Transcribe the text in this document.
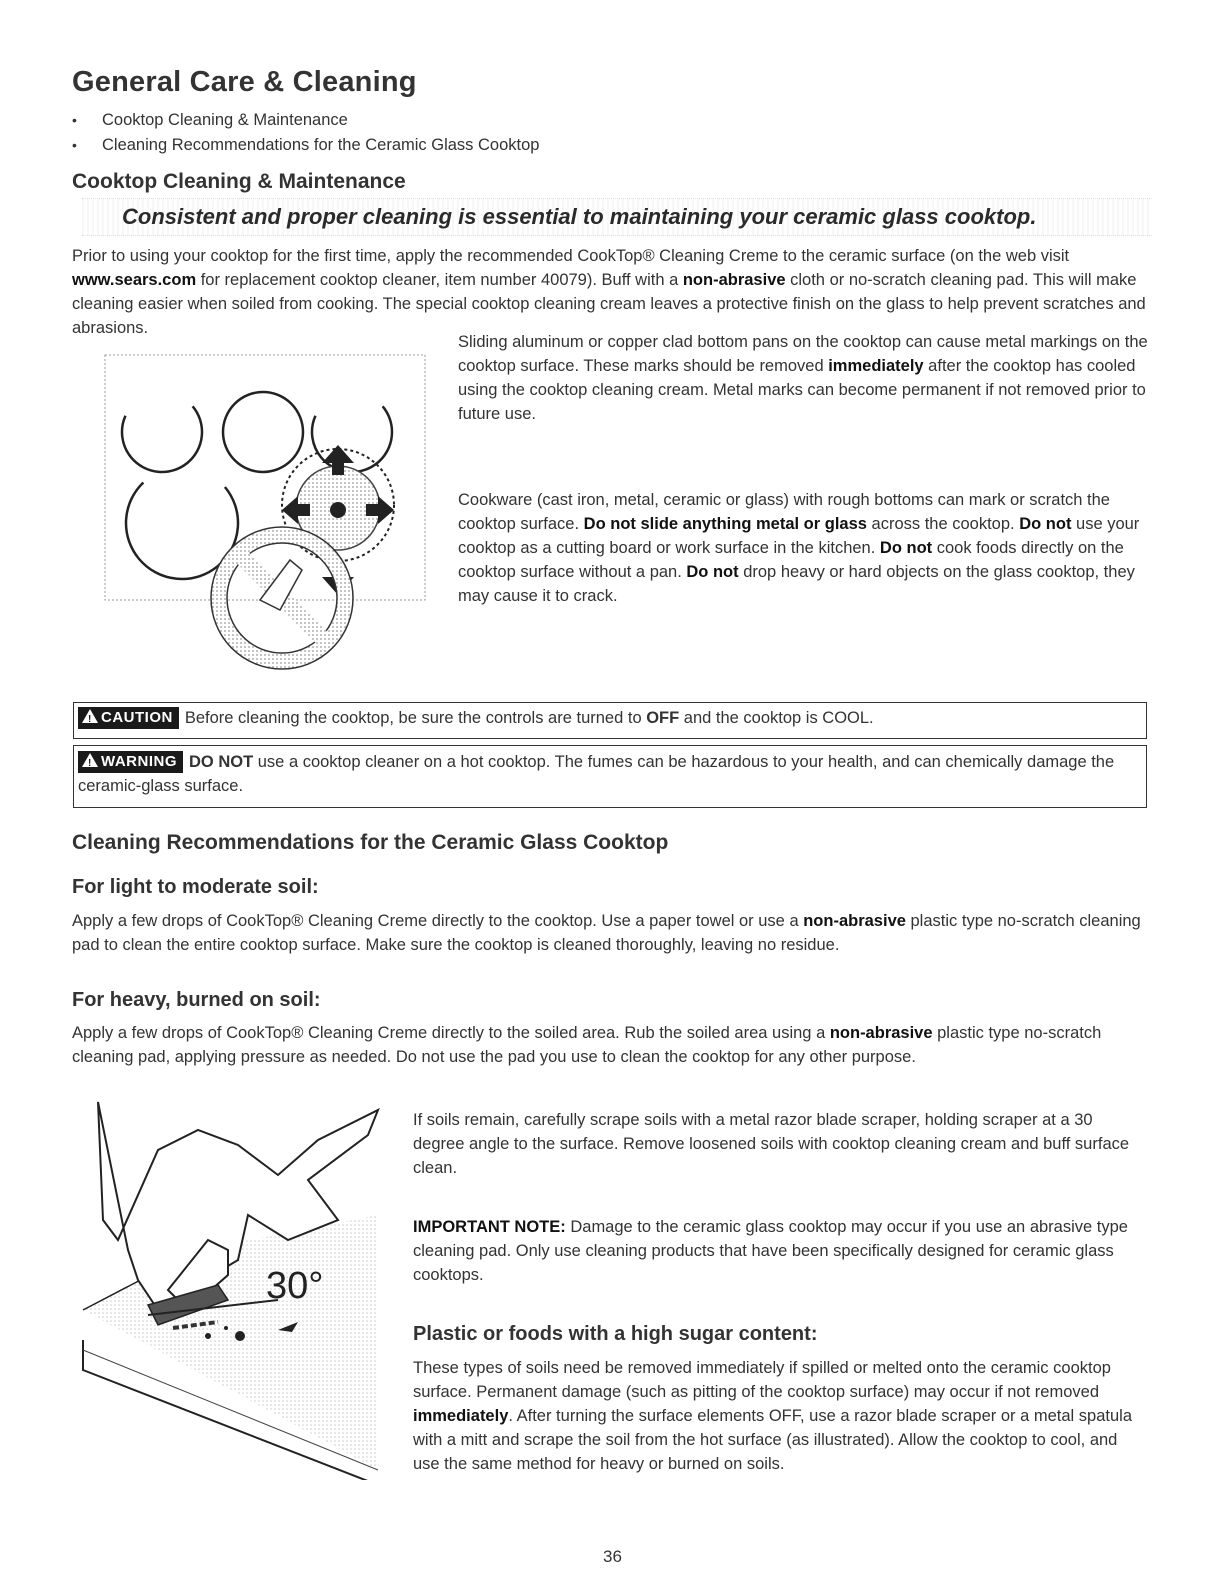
General Care & Cleaning
• Cooktop Cleaning & Maintenance
• Cleaning Recommendations for the Ceramic Glass Cooktop
Cooktop Cleaning & Maintenance
Consistent and proper cleaning is essential to maintaining your ceramic glass cooktop.
Prior to using your cooktop for the first time, apply the recommended CookTop® Cleaning Creme to the ceramic surface (on the web visit www.sears.com for replacement cooktop cleaner, item number 40079). Buff with a non-abrasive cloth or no-scratch cleaning pad. This will make cleaning easier when soiled from cooking. The special cooktop cleaning cream leaves a protective finish on the glass to help prevent scratches and abrasions.
Sliding aluminum or copper clad bottom pans on the cooktop can cause metal markings on the cooktop surface. These marks should be removed immediately after the cooktop has cooled using the cooktop cleaning cream. Metal marks can become permanent if not removed prior to future use.
Cookware (cast iron, metal, ceramic or glass) with rough bottoms can mark or scratch the cooktop surface. Do not slide anything metal or glass across the cooktop. Do not use your cooktop as a cutting board or work surface in the kitchen. Do not cook foods directly on the cooktop surface without a pan. Do not drop heavy or hard objects on the glass cooktop, they may cause it to crack.
!CAUTION Before cleaning the cooktop, be sure the controls are turned to OFF and the cooktop is COOL.
!WARNING DO NOT use a cooktop cleaner on a hot cooktop. The fumes can be hazardous to your health, and can chemically damage the ceramic-glass surface.
Cleaning Recommendations for the Ceramic Glass Cooktop
For light to moderate soil:
Apply a few drops of CookTop® Cleaning Creme directly to the cooktop. Use a paper towel or use a non-abrasive plastic type no-scratch cleaning pad to clean the entire cooktop surface. Make sure the cooktop is cleaned thoroughly, leaving no residue.
For heavy, burned on soil:
Apply a few drops of CookTop® Cleaning Creme directly to the soiled area. Rub the soiled area using a non-abrasive plastic type no-scratch cleaning pad, applying pressure as needed. Do not use the pad you use to clean the cooktop for any other purpose.
30°
If soils remain, carefully scrape soils with a metal razor blade scraper, holding scraper at a 30 degree angle to the surface. Remove loosened soils with cooktop cleaning cream and buff surface clean.
IMPORTANT NOTE: Damage to the ceramic glass cooktop may occur if you use an abrasive type cleaning pad. Only use cleaning products that have been specifically designed for ceramic glass cooktops.
Plastic or foods with a high sugar content:
These types of soils need be removed immediately if spilled or melted onto the ceramic cooktop surface. Permanent damage (such as pitting of the cooktop surface) may occur if not removed immediately. After turning the surface elements OFF, use a razor blade scraper or a metal spatula with a mitt and scrape the soil from the hot surface (as illustrated). Allow the cooktop to cool, and use the same method for heavy or burned on soils.
36
